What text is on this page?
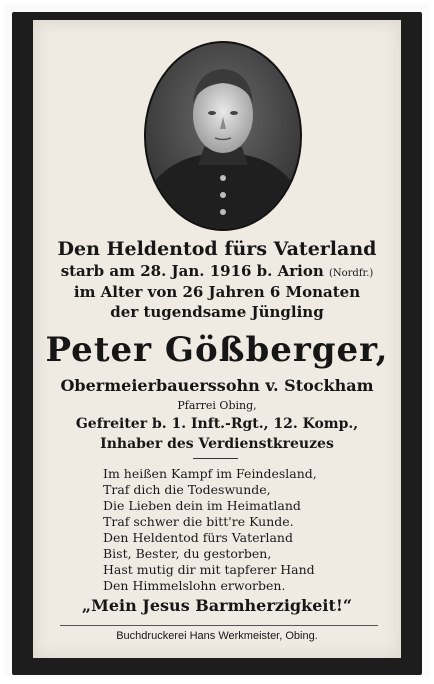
Den Heldentod fürs Vaterland
starb am 28. Jan. 1916 b. Arion (Nordfr.)
im Alter von 26 Jahren 6 Monaten
der tugendsame Jüngling
Peter Gößberger,
Obermeierbauerssohn v. Stockham
Pfarrei Obing,
Gefreiter b. 1. Inft.-Rgt., 12. Komp.,
Inhaber des Verdienstkreuzes
Im heißen Kampf im Feindesland,
Traf dich die Todeswunde,
Die Lieben dein im Heimatland
Traf schwer die bitt're Kunde.
Den Heldentod fürs Vaterland
Bist, Bester, du gestorben,
Hast mutig dir mit tapferer Hand
Den Himmelslohn erworben.
„Mein Jesus Barmherzigkeit!“
Buchdruckerei Hans Werkmeister, Obing.
